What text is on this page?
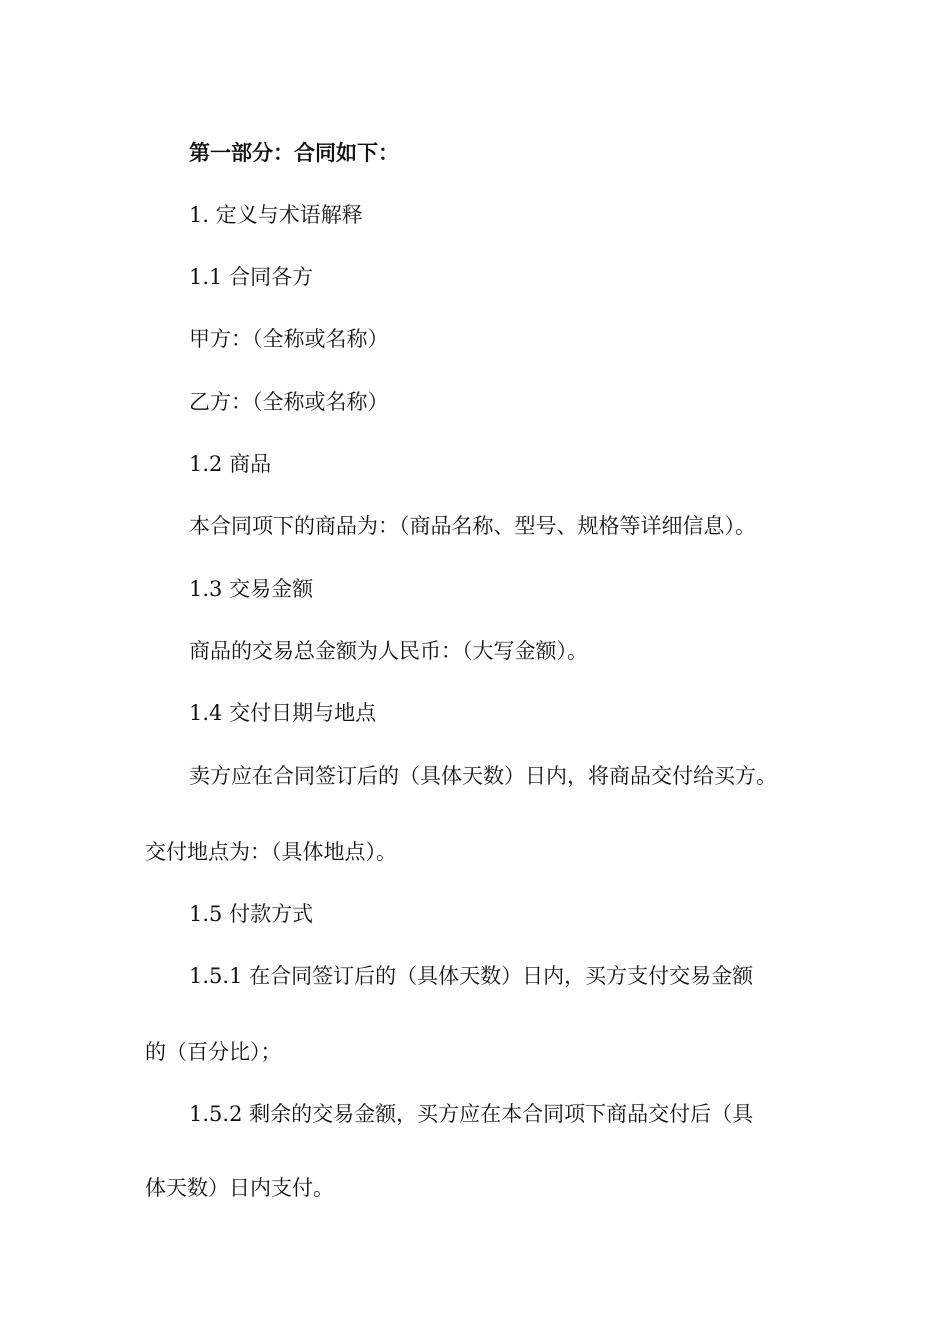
第一部分：合同如下：

1. 定义与术语解释

1.1 合同各方

甲方：（全称或名称）

乙方：（全称或名称）

1.2 商品

本合同项下的商品为：（商品名称、型号、规格等详细信息）。

1.3 交易金额

商品的交易总金额为人民币：（大写金额）。

1.4 交付日期与地点

卖方应在合同签订后的（具体天数）日内，将商品交付给买方。

交付地点为：（具体地点）。

1.5 付款方式

1.5.1 在合同签订后的（具体天数）日内，买方支付交易金额

的（百分比）；

1.5.2 剩余的交易金额，买方应在本合同项下商品交付后（具

体天数）日内支付。
